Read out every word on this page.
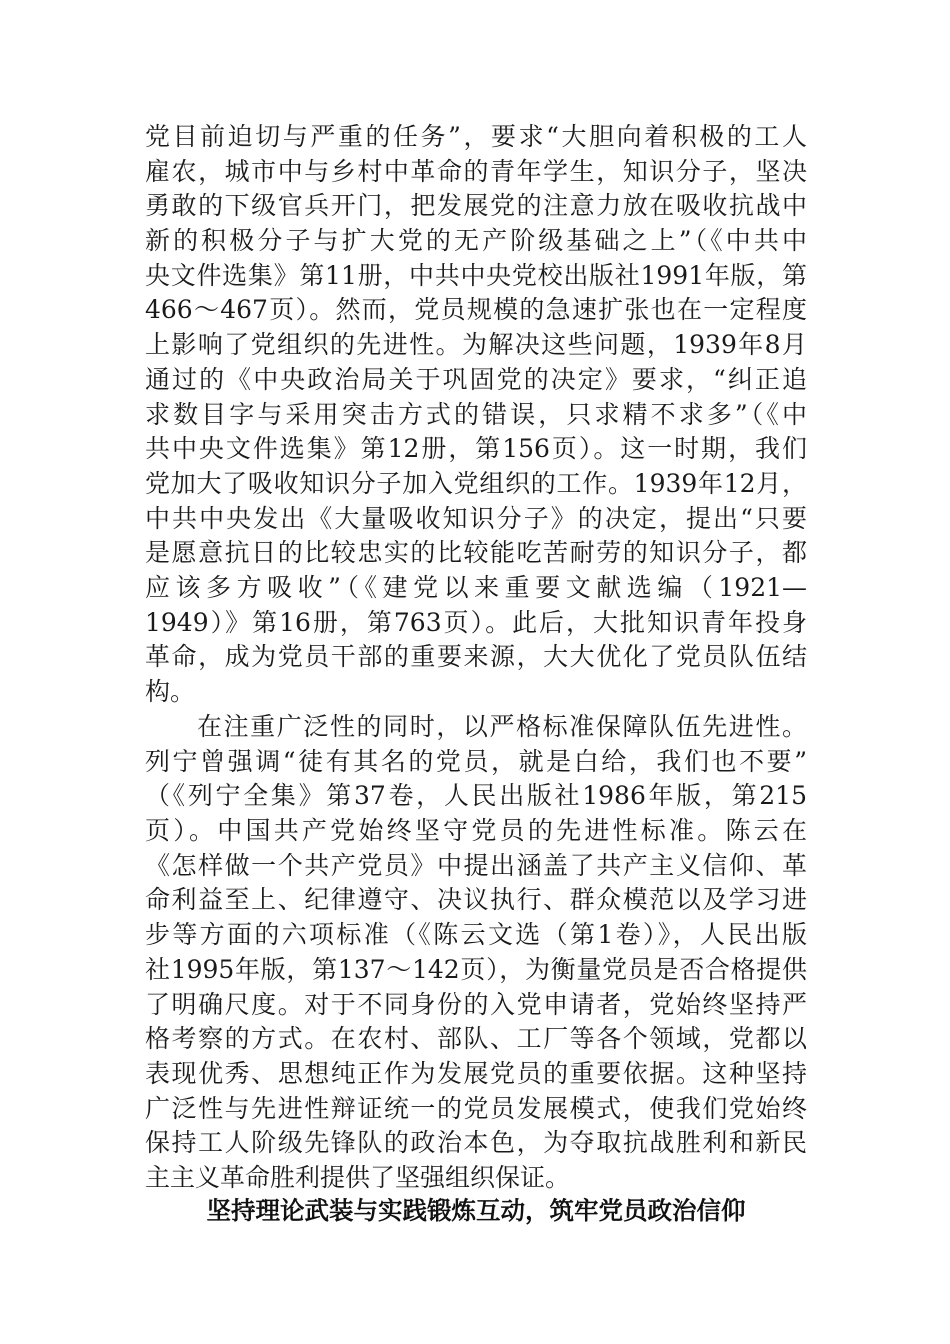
党目前迫切与严重的任务”，要求“大胆向着积极的工人
雇农，城市中与乡村中革命的青年学生，知识分子，坚决
勇敢的下级官兵开门，把发展党的注意力放在吸收抗战中
新的积极分子与扩大党的无产阶级基础之上”（《中共中
央文件选集》第11册，中共中央党校出版社1991年版，第
466～467页）。然而，党员规模的急速扩张也在一定程度
上影响了党组织的先进性。为解决这些问题，1939年8月
通过的《中央政治局关于巩固党的决定》要求，“纠正追
求数目字与采用突击方式的错误，只求精不求多”（《中
共中央文件选集》第12册，第156页）。这一时期，我们
党加大了吸收知识分子加入党组织的工作。1939年12月，
中共中央发出《大量吸收知识分子》的决定，提出“只要
是愿意抗日的比较忠实的比较能吃苦耐劳的知识分子，都
应该多方吸收”（《建党以来重要文献选编（1921—
1949）》第16册，第763页）。此后，大批知识青年投身
革命，成为党员干部的重要来源，大大优化了党员队伍结
构。
在注重广泛性的同时，以严格标准保障队伍先进性。
列宁曾强调“徒有其名的党员，就是白给，我们也不要”
（《列宁全集》第37卷，人民出版社1986年版，第215
页）。中国共产党始终坚守党员的先进性标准。陈云在
《怎样做一个共产党员》中提出涵盖了共产主义信仰、革
命利益至上、纪律遵守、决议执行、群众模范以及学习进
步等方面的六项标准（《陈云文选（第1卷）》，人民出版
社1995年版，第137～142页），为衡量党员是否合格提供
了明确尺度。对于不同身份的入党申请者，党始终坚持严
格考察的方式。在农村、部队、工厂等各个领域，党都以
表现优秀、思想纯正作为发展党员的重要依据。这种坚持
广泛性与先进性辩证统一的党员发展模式，使我们党始终
保持工人阶级先锋队的政治本色，为夺取抗战胜利和新民
主主义革命胜利提供了坚强组织保证。
坚持理论武装与实践锻炼互动，筑牢党员政治信仰
